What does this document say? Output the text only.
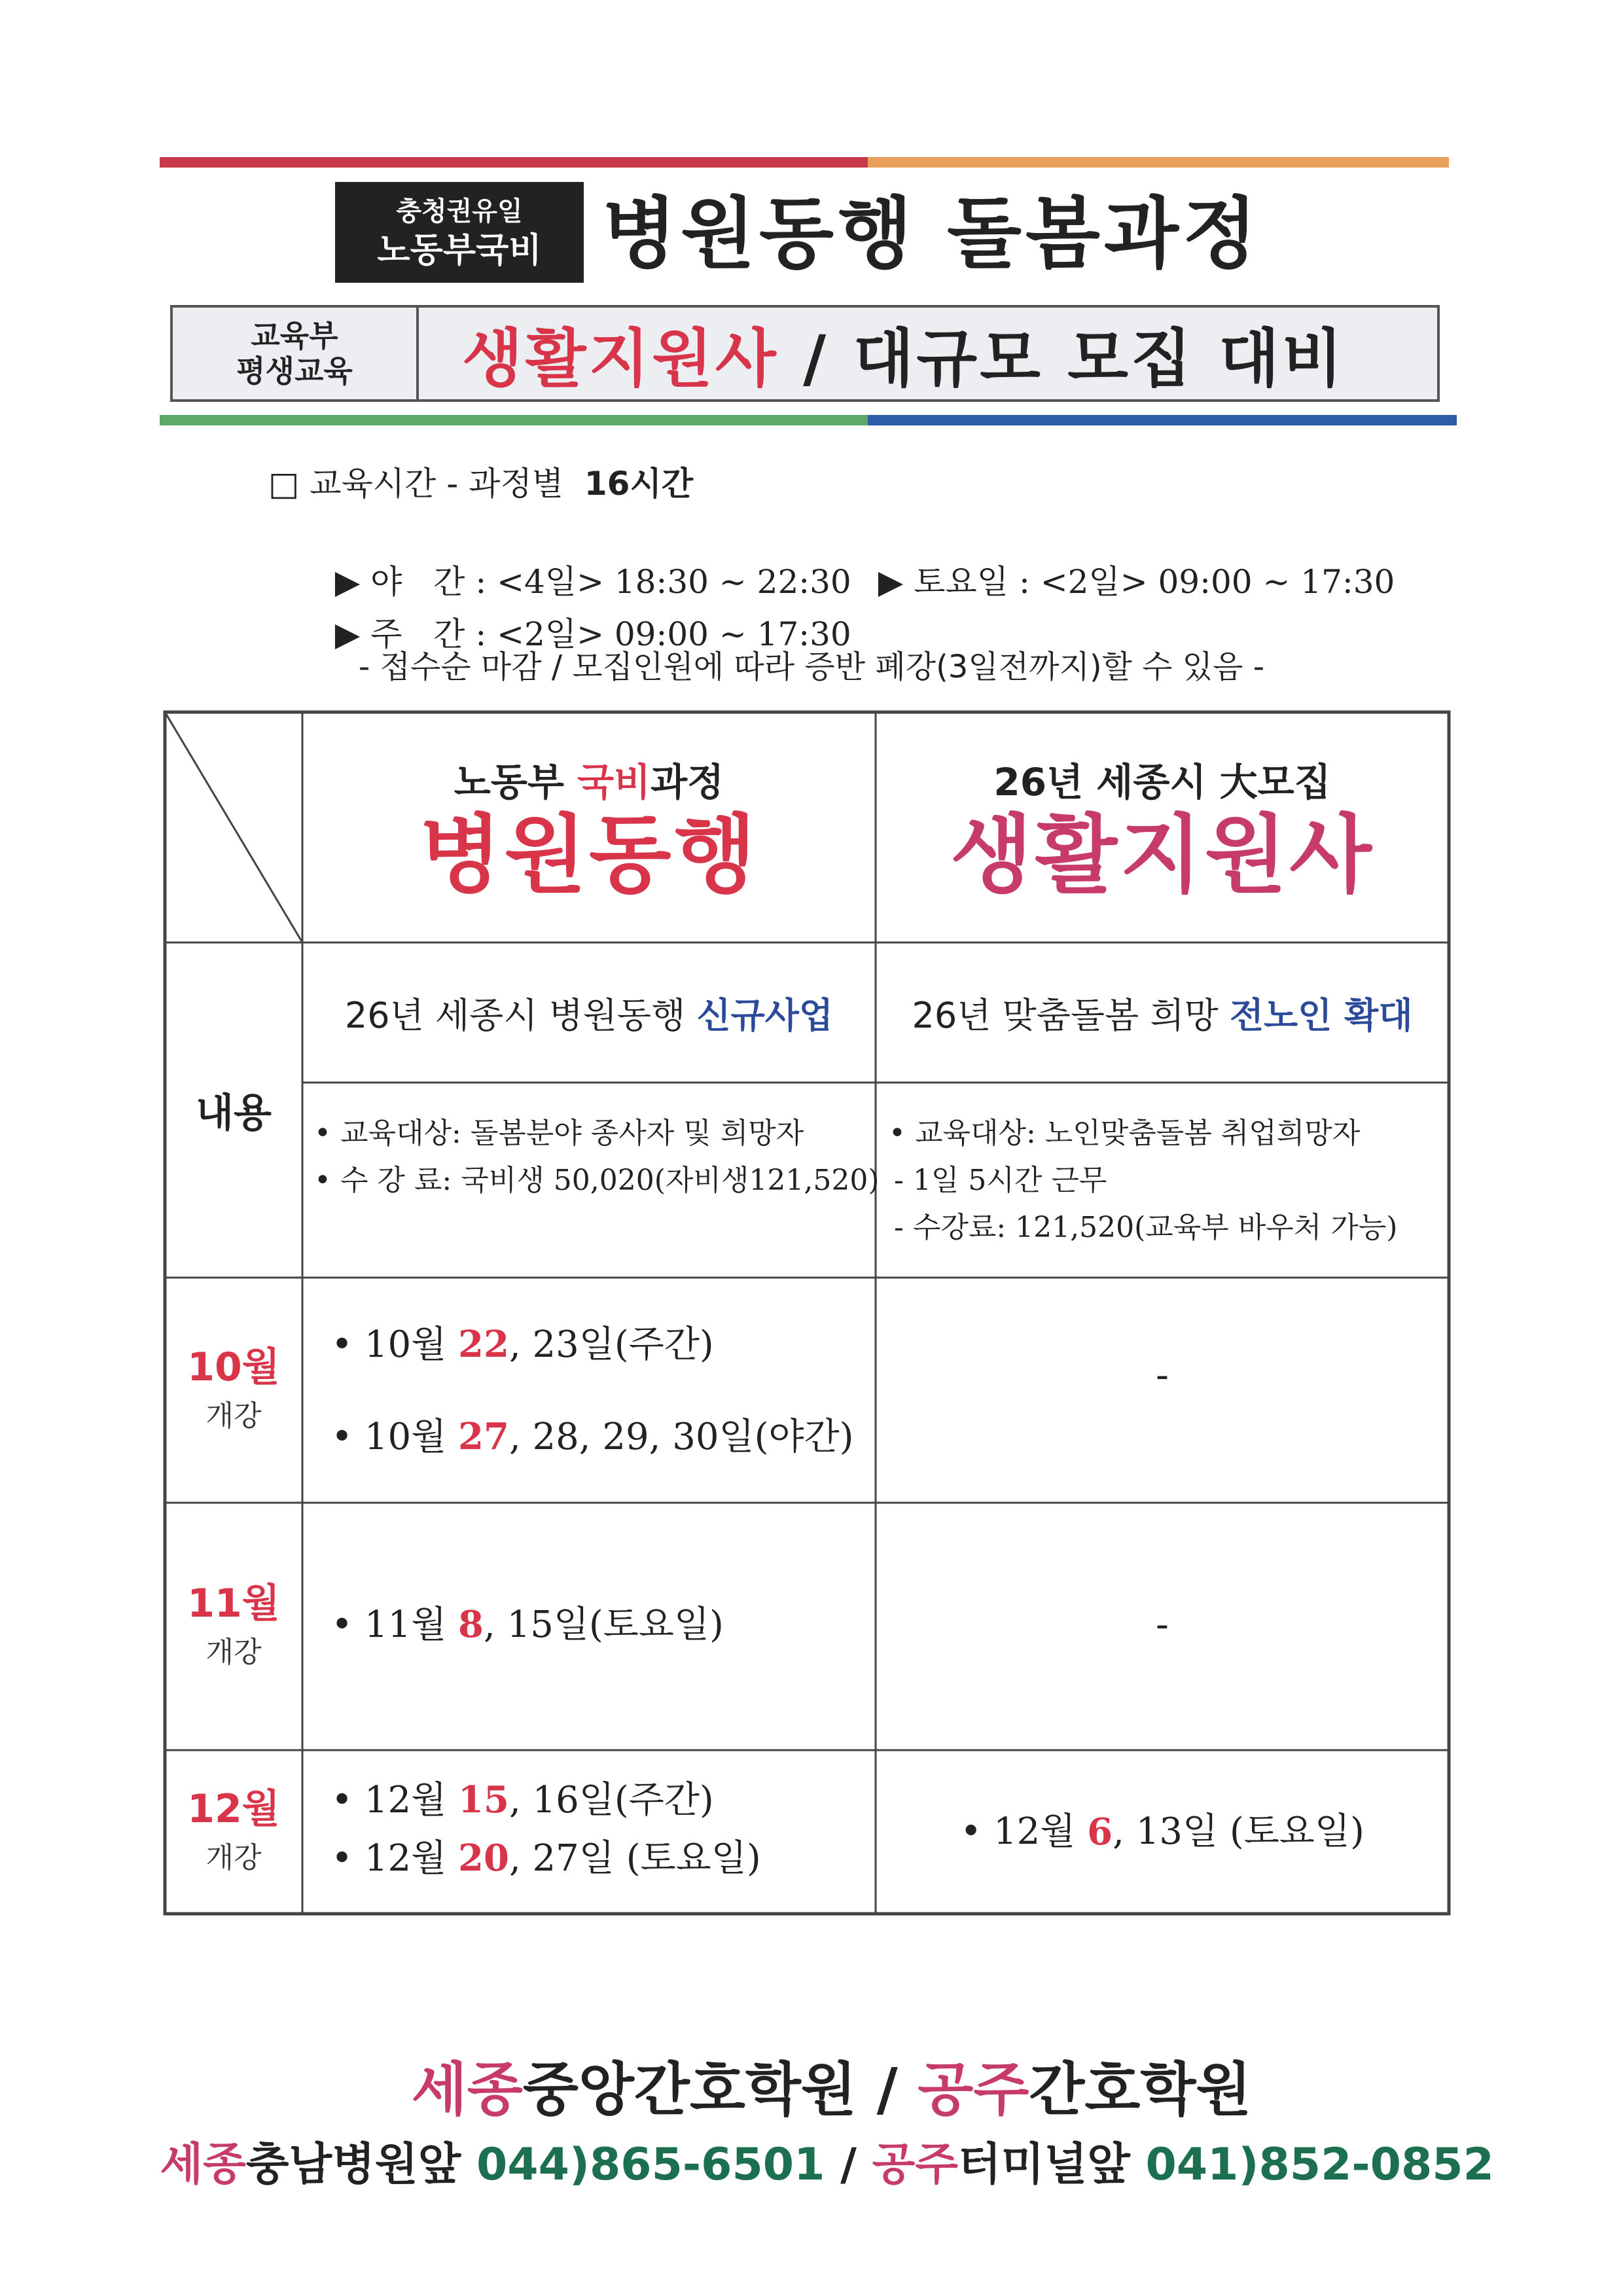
충청권유일
노동부국비 병원동행 돌봄과정
교육부
평생교육 생활지원사 / 대규모 모집 대비
□ 교육시간 - 과정별  16시간

▶ 야   간 : <4일> 18:30 ~ 22:30 ▶ 토요일 : <2일> 09:00 ~ 17:30

▶ 주   간 : <2일> 09:00 ~ 17:30

- 접수순 마감 / 모집인원에 따라 증반 폐강(3일전까지)할 수 있음 -
노동부 국비과정
병원동행
26년 세종시 大모집
생활지원사
내용
26년 세종시 병원동행 신규사업 26년 맞춤돌봄 희망 전노인 확대
• 교육대상: 돌봄분야 종사자 및 희망자
• 수 강 료: 국비생 50,020(자비생121,520)
• 교육대상: 노인맞춤돌봄 취업희망자
- 1일 5시간 근무
- 수강료: 121,520(교육부 바우처 가능)
10월
개강
• 10월 22, 23일(주간)
• 10월 27, 28, 29, 30일(야간)
-
11월
개강
• 11월 8, 15일(토요일)	-
12월
개강
• 12월 15, 16일(주간)
• 12월 20, 27일 (토요일)
• 12월 6 , 13일 (토요일)

세종중앙간호학원 / 공주간호학원

세종충남병원앞 044)865-6501 / 공주터미널앞 041)852-0852
